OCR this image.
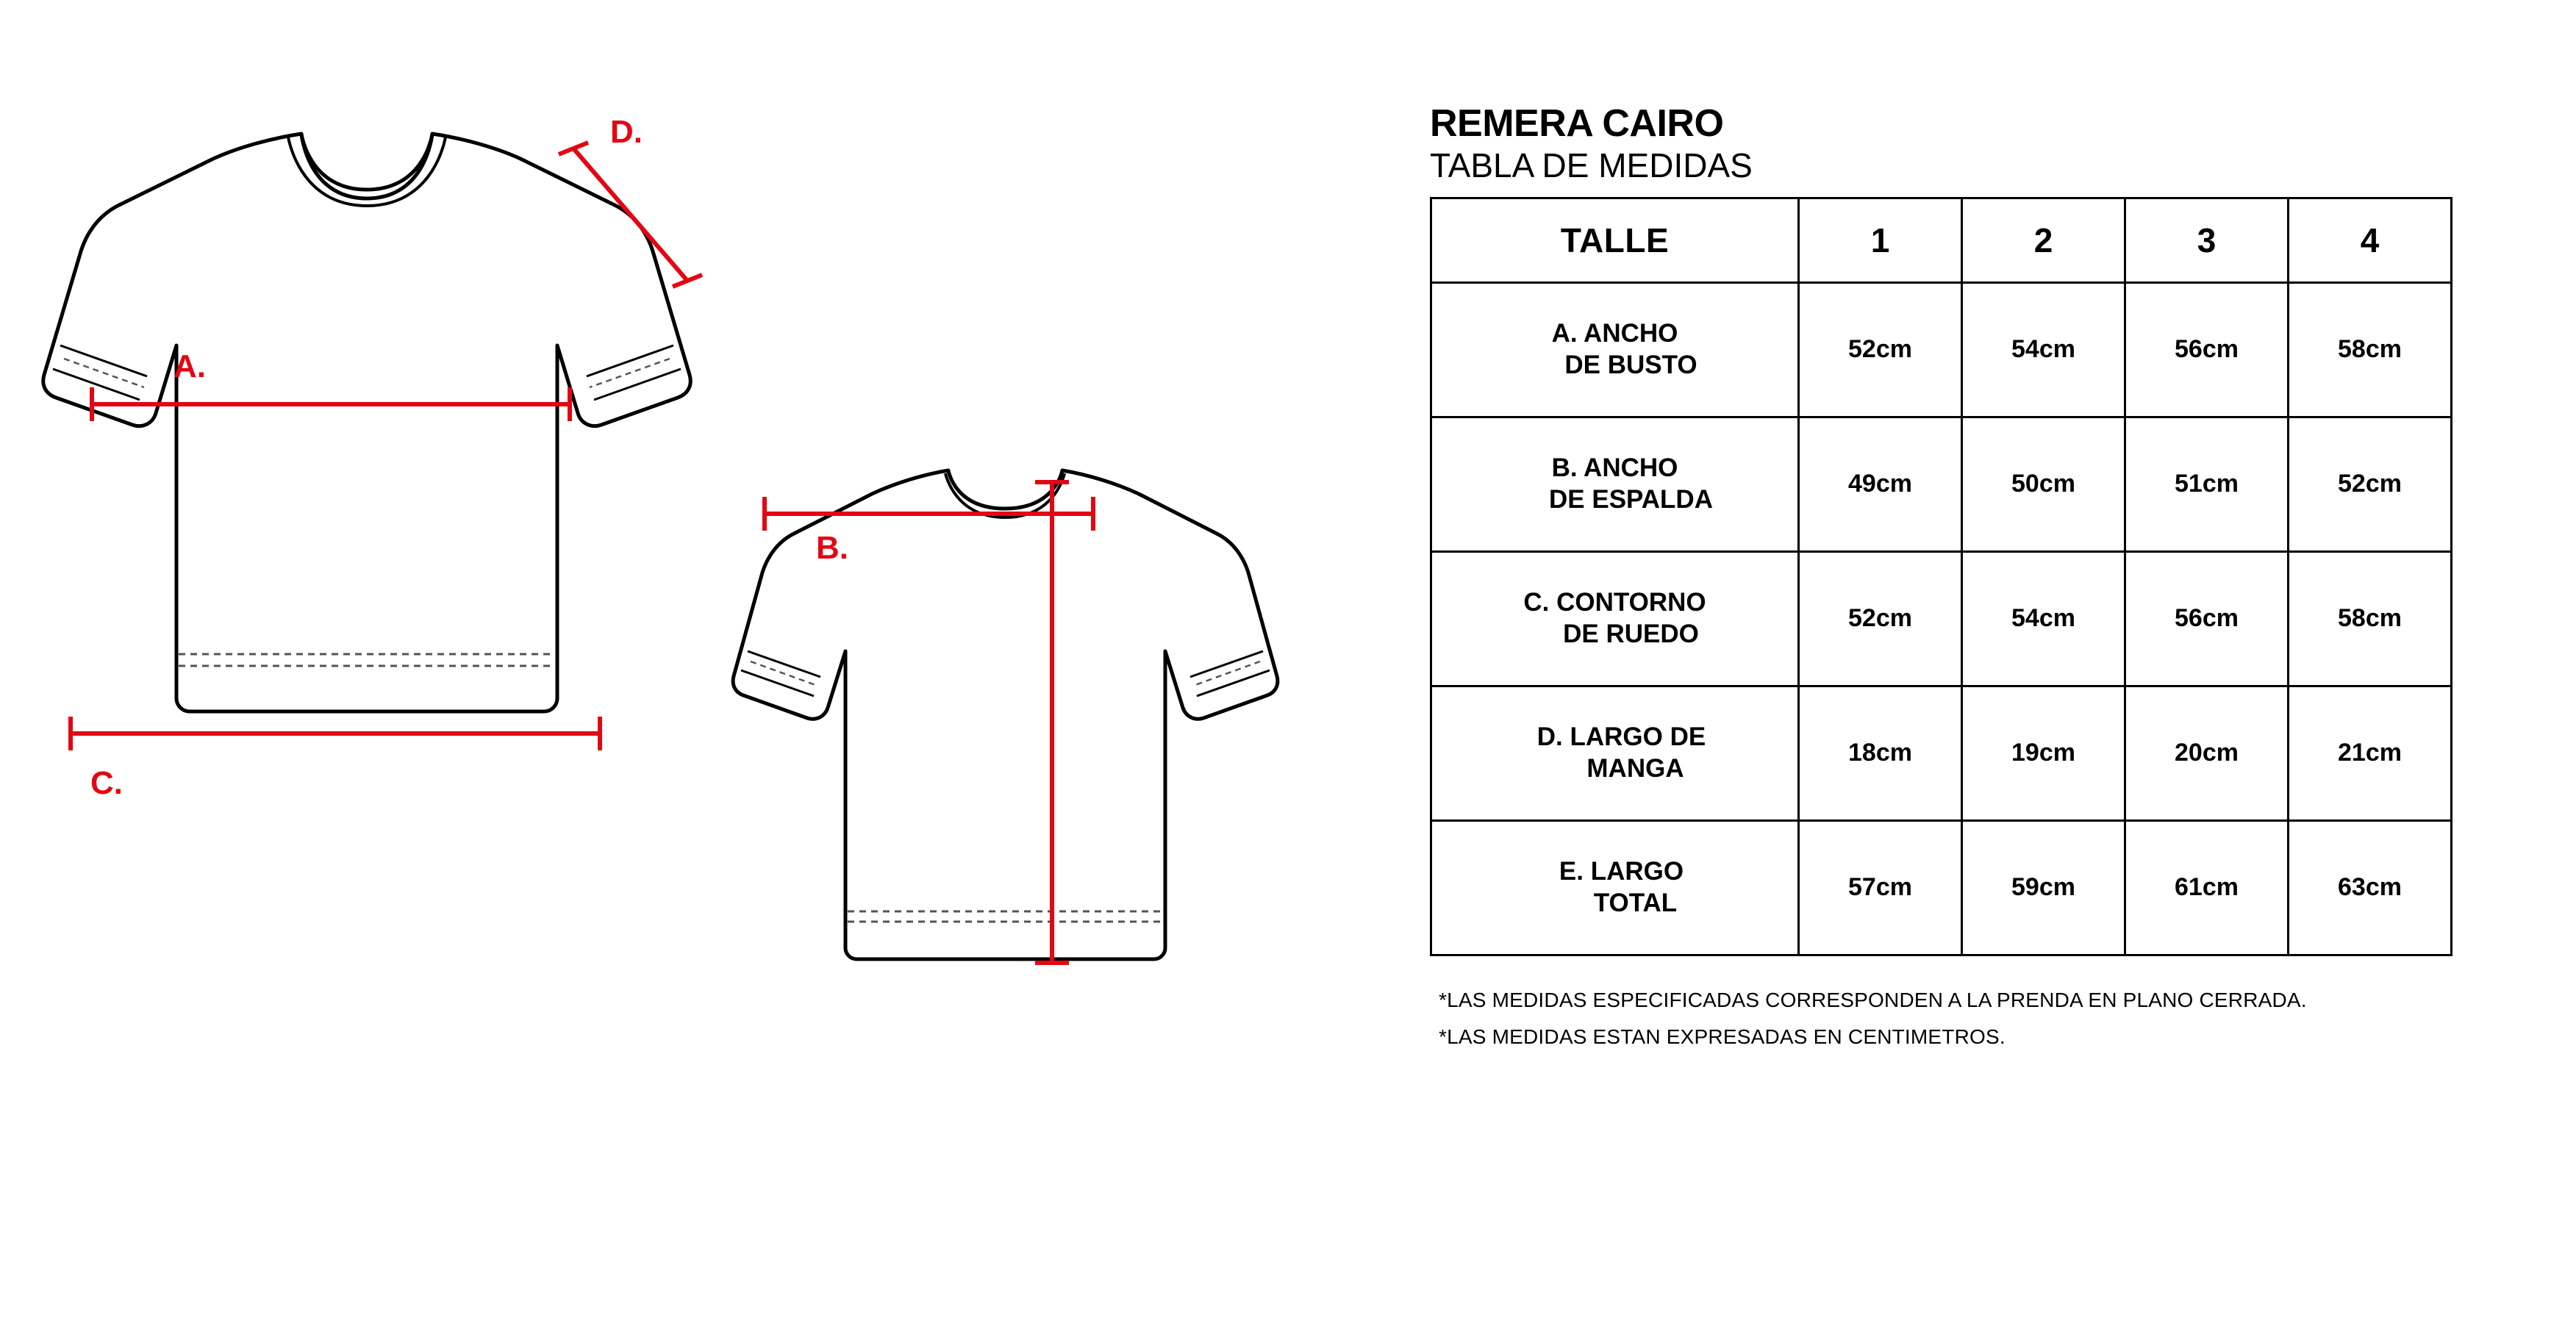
A.
C.
D.
B.
REMERA CAIRO
TABLA DE MEDIDAS
TALLE	1	2	3	4
A. ANCHO
DE BUSTO	52cm	54cm	56cm	58cm
B. ANCHO
DE ESPALDA	49cm	50cm	51cm	52cm
C. CONTORNO
DE RUEDO	52cm	54cm	56cm	58cm

D. LARGO DE
MANGA	18cm	19cm	20cm	21cm

E. LARGO
TOTAL	57cm	59cm	61cm	63cm

*LAS MEDIDAS ESPECIFICADAS CORRESPONDEN A LA PRENDA EN PLANO CERRADA.

*LAS MEDIDAS ESTAN EXPRESADAS EN CENTIMETROS.
